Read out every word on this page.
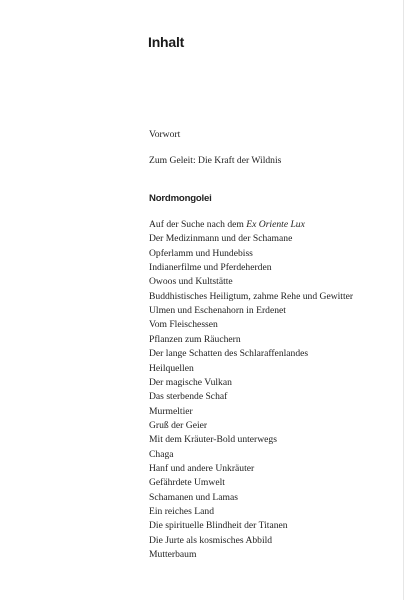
Inhalt
Vorwort
Zum Geleit: Die Kraft der Wildnis
Nordmongolei
Auf der Suche nach dem Ex Oriente Lux
Der Medizinmann und der Schamane
Opferlamm und Hundebiss
Indianerfilme und Pferdeherden
Owoos und Kultstätte
Buddhistisches Heiligtum, zahme Rehe und Gewitter
Ulmen und Eschenahorn in Erdenet
Vom Fleischessen
Pflanzen zum Räuchern
Der lange Schatten des Schlaraffenlandes
Heilquellen
Der magische Vulkan
Das sterbende Schaf
Murmeltier
Gruß der Geier
Mit dem Kräuter-Bold unterwegs
Chaga
Hanf und andere Unkräuter
Gefährdete Umwelt
Schamanen und Lamas
Ein reiches Land
Die spirituelle Blindheit der Titanen
Die Jurte als kosmisches Abbild
Mutterbaum
